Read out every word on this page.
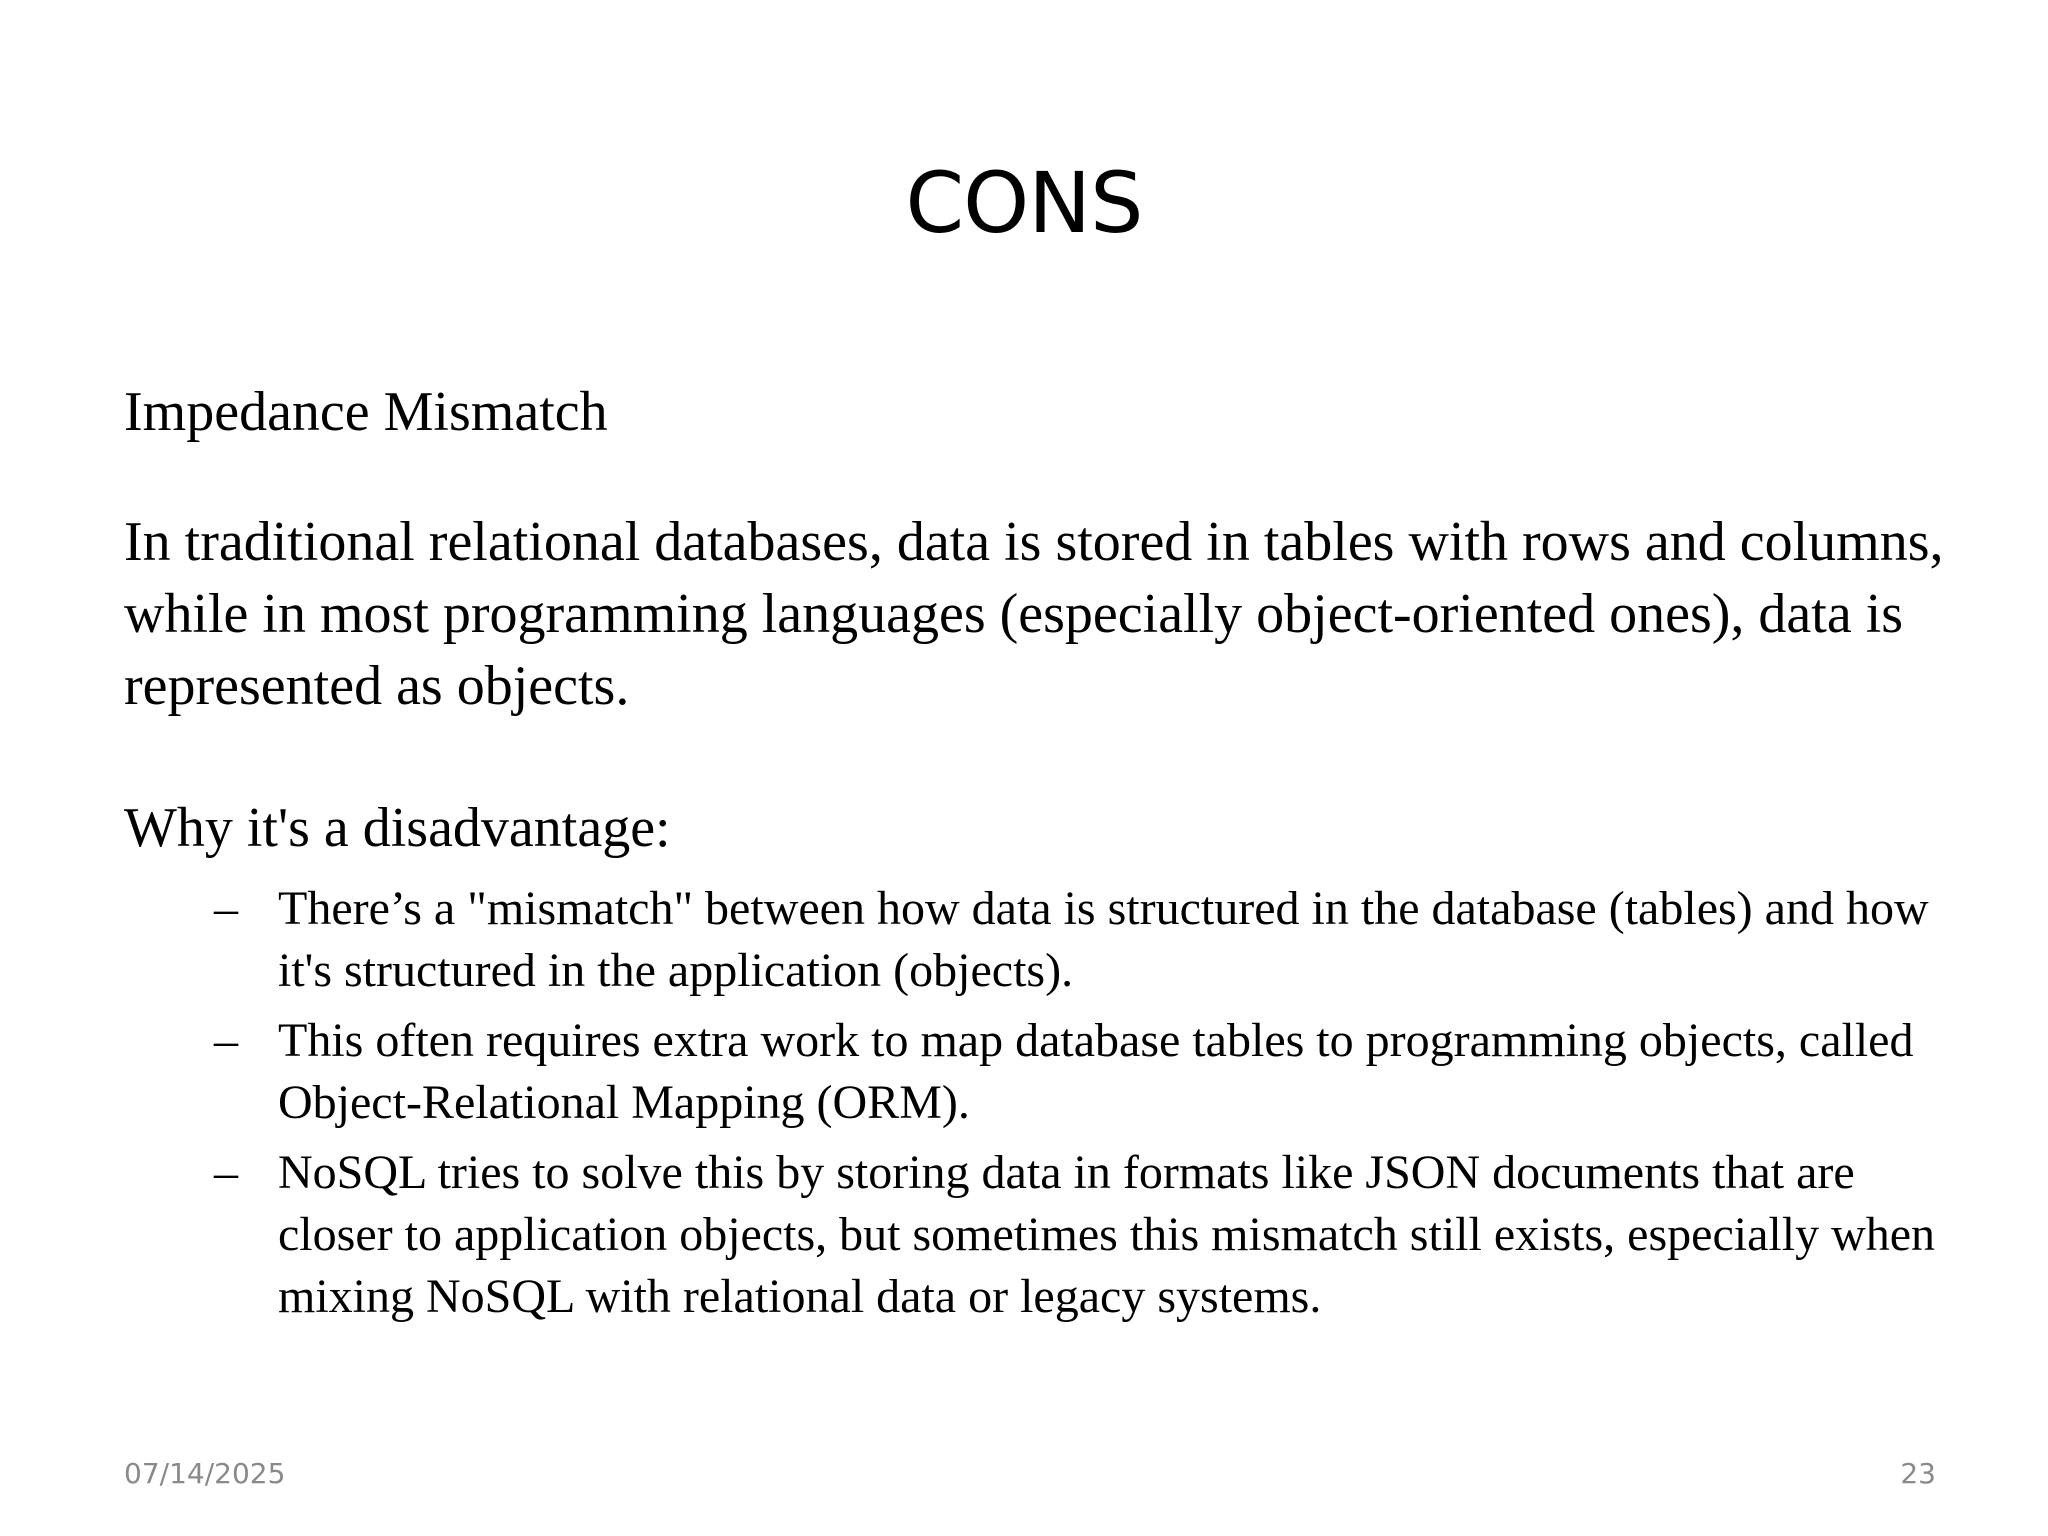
CONS

Impedance Mismatch

In traditional relational databases, data is stored in tables with rows and columns, while in most programming languages (especially object-oriented ones), data is represented as objects.

Why it's a disadvantage:

– There’s a "mismatch" between how data is structured in the database (tables) and how it's structured in the application (objects).
– This often requires extra work to map database tables to programming objects, called Object-Relational Mapping (ORM).
– NoSQL tries to solve this by storing data in formats like JSON documents that are closer to application objects, but sometimes this mismatch still exists, especially when mixing NoSQL with relational data or legacy systems.
07/14/2025	23
